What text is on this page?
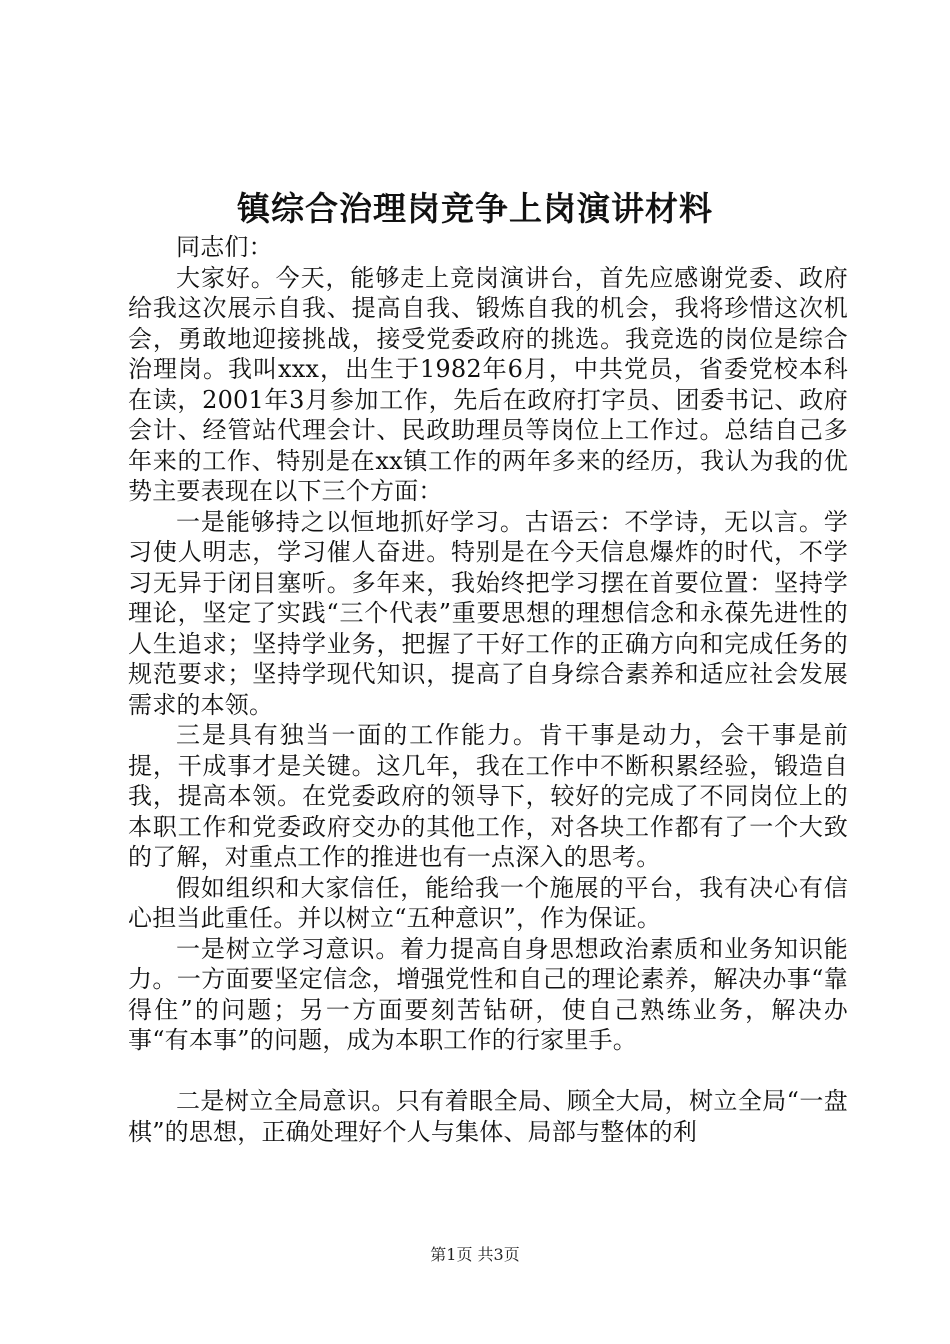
镇综合治理岗竞争上岗演讲材料

同志们：

大家好。今天，能够走上竞岗演讲台，首先应感谢党委、政府给我这次展示自我、提高自我、锻炼自我的机会，我将珍惜这次机会，勇敢地迎接挑战，接受党委政府的挑选。我竞选的岗位是综合治理岗。我叫xxx，出生于1982年6月，中共党员，省委党校本科在读，2001年3月参加工作，先后在政府打字员、团委书记、政府会计、经管站代理会计、民政助理员等岗位上工作过。总结自己多年来的工作、特别是在xx镇工作的两年多来的经历，我认为我的优势主要表现在以下三个方面：

一是能够持之以恒地抓好学习。古语云：不学诗，无以言。学习使人明志，学习催人奋进。特别是在今天信息爆炸的时代，不学习无异于闭目塞听。多年来，我始终把学习摆在首要位置：坚持学理论，坚定了实践“三个代表”重要思想的理想信念和永葆先进性的人生追求；坚持学业务，把握了干好工作的正确方向和完成任务的规范要求；坚持学现代知识，提高了自身综合素养和适应社会发展需求的本领。

三是具有独当一面的工作能力。肯干事是动力，会干事是前提，干成事才是关键。这几年，我在工作中不断积累经验，锻造自我，提高本领。在党委政府的领导下，较好的完成了不同岗位上的本职工作和党委政府交办的其他工作，对各块工作都有了一个大致的了解，对重点工作的推进也有一点深入的思考。

假如组织和大家信任，能给我一个施展的平台，我有决心有信心担当此重任。并以树立“五种意识”，作为保证。

一是树立学习意识。着力提高自身思想政治素质和业务知识能力。一方面要坚定信念，增强党性和自己的理论素养，解决办事“靠得住”的问题；另一方面要刻苦钻研，使自己熟练业务，解决办事“有本事”的问题，成为本职工作的行家里手。

二是树立全局意识。只有着眼全局、顾全大局，树立全局“一盘棋”的思想，正确处理好个人与集体、局部与整体的利

第1页 共3页
